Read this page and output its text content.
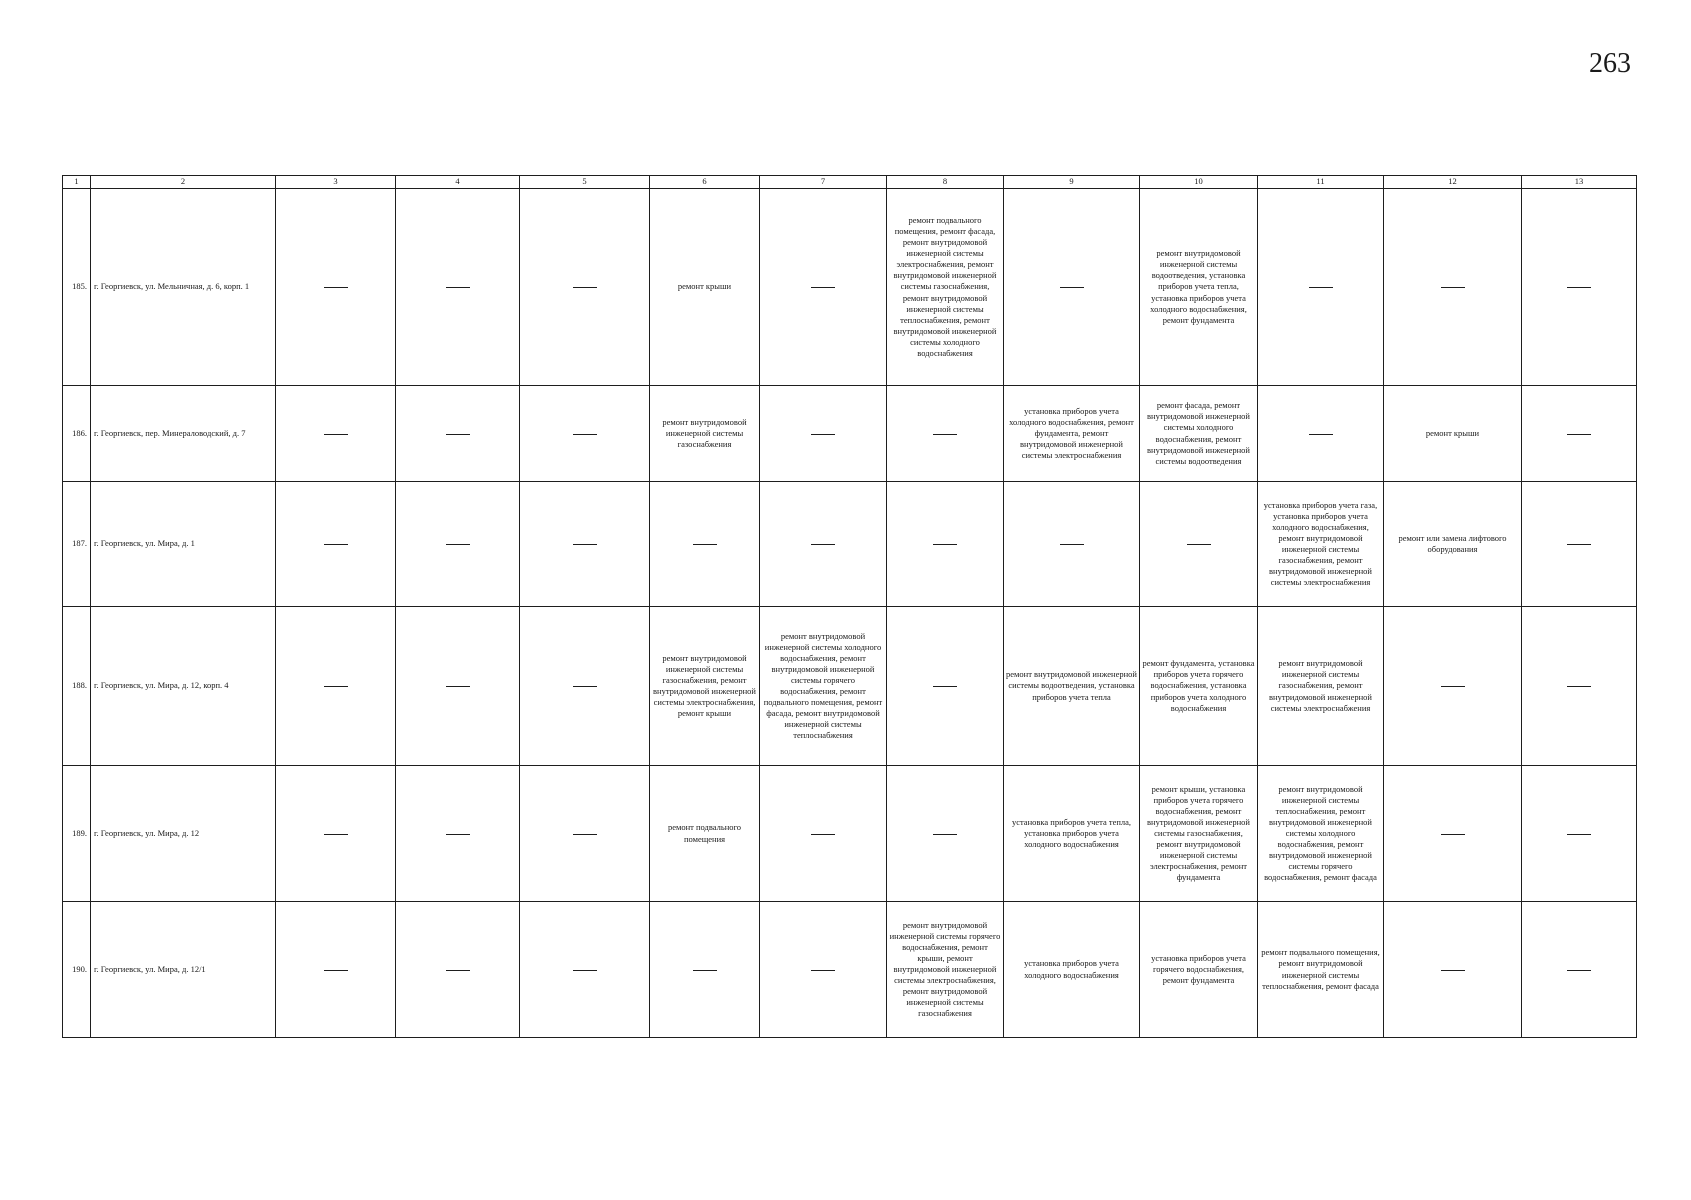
263
1	2	3	4	5	6	7	8	9	10	11	12	13
185.	г. Георгиевск, ул. Мельничная, д. 6, корп. 1				ремонт крыши		ремонт подвального помещения, ремонт фасада, ремонт внутридомовой инженерной системы электроснабжения, ремонт внутридомовой инженерной системы газоснабжения, ремонт внутридомовой инженерной системы теплоснабжения, ремонт внутридомовой инженерной системы холодного водоснабжения		ремонт внутридомовой инженерной системы водоотведения, установка приборов учета тепла, установка приборов учета холодного водоснабжения, ремонт фундамента			
186.	г. Георгиевск, пер. Минераловодский, д. 7				ремонт внутридомовой инженерной системы газоснабжения			установка приборов учета холодного водоснабжения, ремонт фундамента, ремонт внутридомовой инженерной системы электроснабжения	ремонт фасада, ремонт внутридомовой инженерной системы холодного водоснабжения, ремонт внутридомовой инженерной системы водоотведения		ремонт крыши	
187.	г. Георгиевск, ул. Мира, д. 1									установка приборов учета газа, установка приборов учета холодного водоснабжения, ремонт внутридомовой инженерной системы газоснабжения, ремонт внутридомовой инженерной системы электроснабжения	ремонт или замена лифтового оборудования	
188.	г. Георгиевск, ул. Мира, д. 12, корп. 4				ремонт внутридомовой инженерной системы газоснабжения, ремонт внутридомовой инженерной системы электроснабжения, ремонт крыши	ремонт внутридомовой инженерной системы холодного водоснабжения, ремонт внутридомовой инженерной системы горячего водоснабжения, ремонт подвального помещения, ремонт фасада, ремонт внутридомовой инженерной системы теплоснабжения		ремонт внутридомовой инженерной системы водоотведения, установка приборов учета тепла	ремонт фундамента, установка приборов учета горячего водоснабжения, установка приборов учета холодного водоснабжения	ремонт внутридомовой инженерной системы газоснабжения, ремонт внутридомовой инженерной системы электроснабжения		
189.	г. Георгиевск, ул. Мира, д. 12				ремонт подвального помещения			установка приборов учета тепла, установка приборов учета холодного водоснабжения	ремонт крыши, установка приборов учета горячего водоснабжения, ремонт внутридомовой инженерной системы газоснабжения, ремонт внутридомовой инженерной системы электроснабжения, ремонт фундамента	ремонт внутридомовой инженерной системы теплоснабжения, ремонт внутридомовой инженерной системы холодного водоснабжения, ремонт внутридомовой инженерной системы горячего водоснабжения, ремонт фасада		
190.	г. Георгиевск, ул. Мира, д. 12/1						ремонт внутридомовой инженерной системы горячего водоснабжения, ремонт крыши, ремонт внутридомовой инженерной системы электроснабжения, ремонт внутридомовой инженерной системы газоснабжения	установка приборов учета холодного водоснабжения	установка приборов учета горячего водоснабжения, ремонт фундамента	ремонт подвального помещения, ремонт внутридомовой инженерной системы теплоснабжения, ремонт фасада		
